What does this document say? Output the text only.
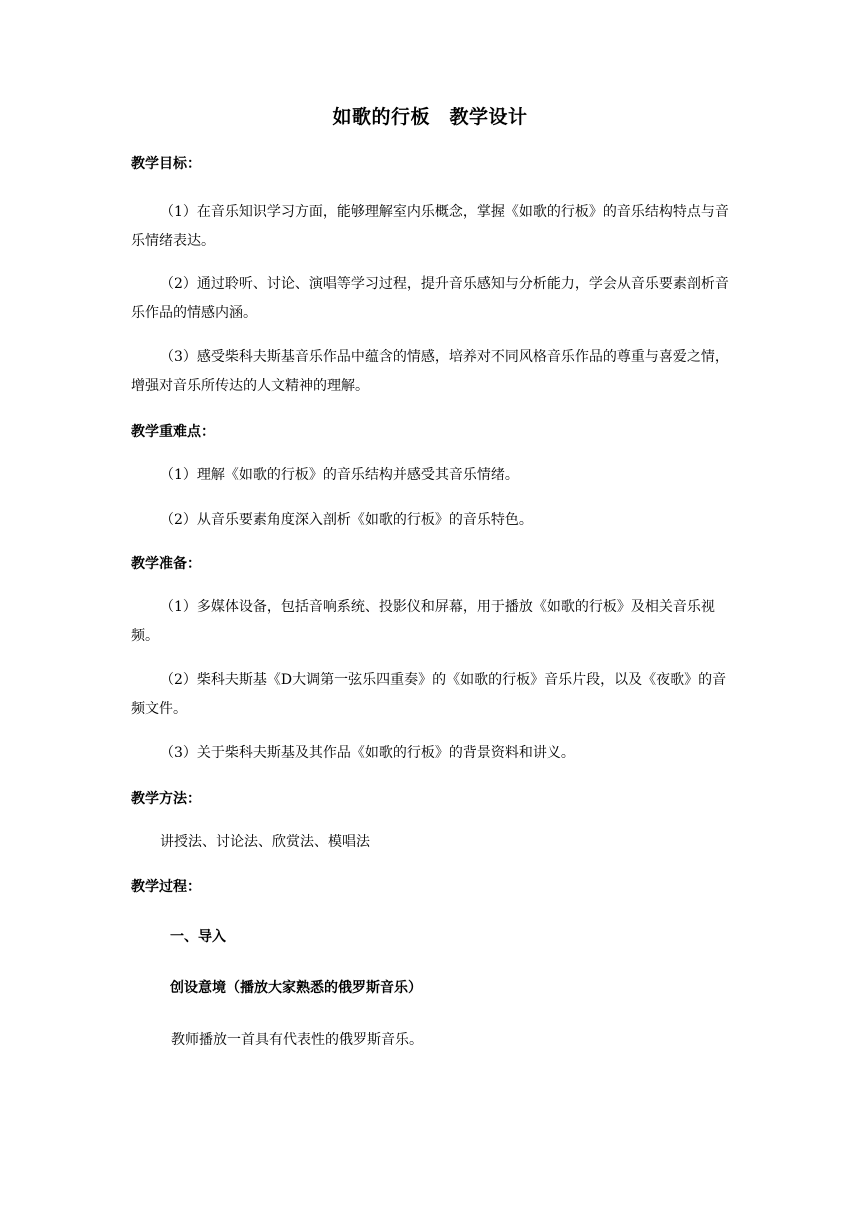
如歌的行板　教学设计
教学目标：
（1）在音乐知识学习方面，能够理解室内乐概念，掌握《如歌的行板》的音乐结构特点与音乐情绪表达。
（2）通过聆听、讨论、演唱等学习过程，提升音乐感知与分析能力，学会从音乐要素剖析音乐作品的情感内涵。
（3）感受柴科夫斯基音乐作品中蕴含的情感，培养对不同风格音乐作品的尊重与喜爱之情，增强对音乐所传达的人文精神的理解。
教学重难点：
（1）理解《如歌的行板》的音乐结构并感受其音乐情绪。
（2）从音乐要素角度深入剖析《如歌的行板》的音乐特色。
教学准备：
（1）多媒体设备，包括音响系统、投影仪和屏幕，用于播放《如歌的行板》及相关音乐视频。
（2）柴科夫斯基《D大调第一弦乐四重奏》的《如歌的行板》音乐片段，以及《夜歌》的音频文件。
（3）关于柴科夫斯基及其作品《如歌的行板》的背景资料和讲义。
教学方法：
讲授法、讨论法、欣赏法、模唱法
教学过程：
一、导入
创设意境（播放大家熟悉的俄罗斯音乐）
教师播放一首具有代表性的俄罗斯音乐。
